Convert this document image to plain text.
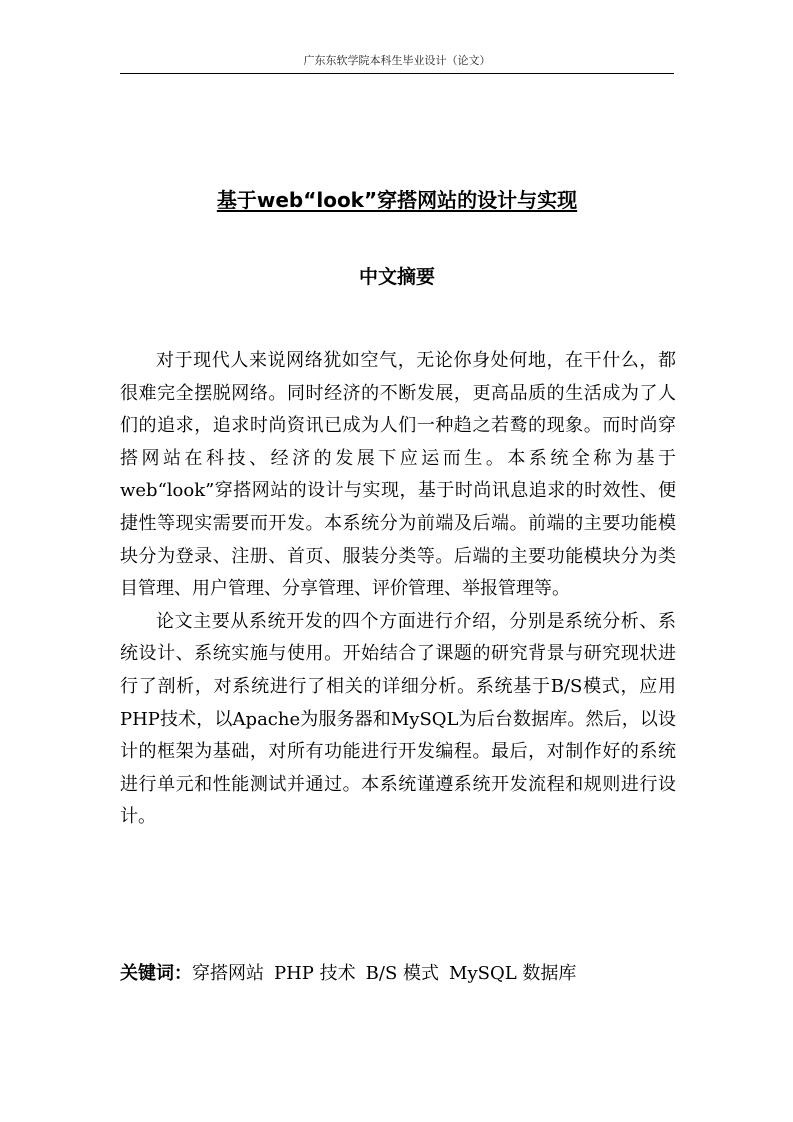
广东东软学院本科生毕业设计（论文）
基于web“look”穿搭网站的设计与实现
中文摘要

对于现代人来说网络犹如空气，无论你身处何地，在干什么，都很难完全摆脱网络。同时经济的不断发展，更高品质的生活成为了人们的追求，追求时尚资讯已成为人们一种趋之若鹜的现象。而时尚穿搭网站在科技、经济的发展下应运而生。本系统全称为基于web“look”穿搭网站的设计与实现，基于时尚讯息追求的时效性、便捷性等现实需要而开发。本系统分为前端及后端。前端的主要功能模块分为登录、注册、首页、服装分类等。后端的主要功能模块分为类目管理、用户管理、分享管理、评价管理、举报管理等。

论文主要从系统开发的四个方面进行介绍，分别是系统分析、系统设计、系统实施与使用。开始结合了课题的研究背景与研究现状进行了剖析，对系统进行了相关的详细分析。系统基于B/S模式，应用PHP技术，以Apache为服务器和MySQL为后台数据库。然后，以设计的框架为基础，对所有功能进行开发编程。最后，对制作好的系统进行单元和性能测试并通过。本系统谨遵系统开发流程和规则进行设计。

关键词：穿搭网站 PHP 技术 B/S 模式 MySQL 数据库
